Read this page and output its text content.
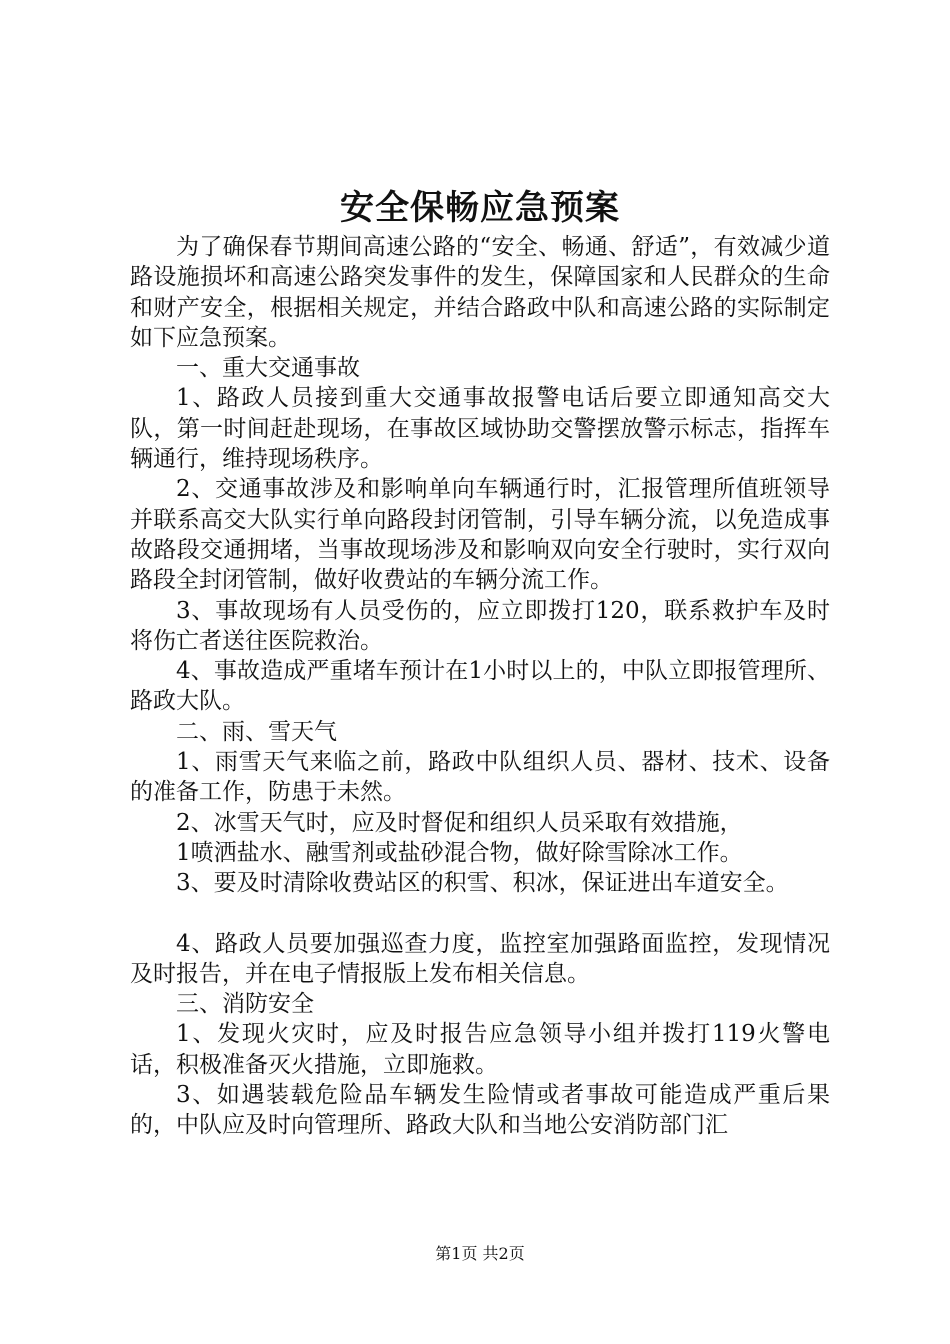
安全保畅应急预案

为了确保春节期间高速公路的“安全、畅通、舒适”，有效减少道路设施损坏和高速公路突发事件的发生，保障国家和人民群众的生命和财产安全，根据相关规定，并结合路政中队和高速公路的实际制定如下应急预案。

一、重大交通事故

1、路政人员接到重大交通事故报警电话后要立即通知高交大队，第一时间赶赴现场，在事故区域协助交警摆放警示标志，指挥车辆通行，维持现场秩序。

2、交通事故涉及和影响单向车辆通行时，汇报管理所值班领导并联系高交大队实行单向路段封闭管制，引导车辆分流，以免造成事故路段交通拥堵，当事故现场涉及和影响双向安全行驶时，实行双向路段全封闭管制，做好收费站的车辆分流工作。

3、事故现场有人员受伤的，应立即拨打120，联系救护车及时将伤亡者送往医院救治。

4、事故造成严重堵车预计在1小时以上的，中队立即报管理所、路政大队。

二、雨、雪天气

1、雨雪天气来临之前，路政中队组织人员、器材、技术、设备的准备工作，防患于未然。

2、冰雪天气时，应及时督促和组织人员采取有效措施，

1喷洒盐水、融雪剂或盐砂混合物，做好除雪除冰工作。

3、要及时清除收费站区的积雪、积冰，保证进出车道安全。

4、路政人员要加强巡查力度，监控室加强路面监控，发现情况及时报告，并在电子情报版上发布相关信息。

三、消防安全

1、发现火灾时，应及时报告应急领导小组并拨打119火警电话，积极准备灭火措施，立即施救。

3、如遇装载危险品车辆发生险情或者事故可能造成严重后果的，中队应及时向管理所、路政大队和当地公安消防部门汇

第1页 共2页
